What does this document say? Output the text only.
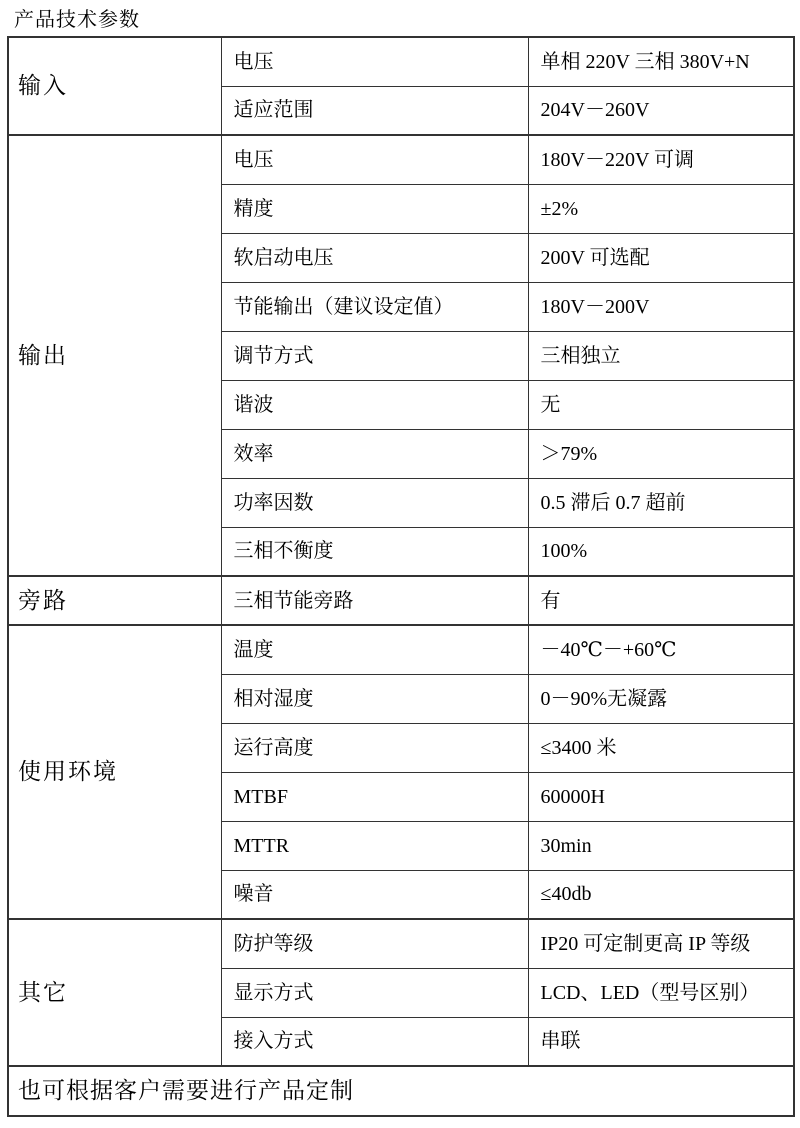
产品技术参数
输入	电压	单相 220V 三相 380V+N
	适应范围	204V－260V
输出	电压	180V－220V 可调
	精度	±2%
	软启动电压	200V 可选配
	节能输出（建议设定值）	180V－200V
	调节方式	三相独立
	谐波	无
	效率	＞79%
	功率因数	0.5 滞后 0.7 超前
	三相不衡度	100%
旁路	三相节能旁路	有
使用环境	温度	－40℃－+60℃
	相对湿度	0－90%无凝露
	运行高度	≤3400 米
	MTBF	60000H
	MTTR	30min
	噪音	≤40db
其它	防护等级	IP20 可定制更高 IP 等级
	显示方式	LCD、LED（型号区别）
	接入方式	串联
也可根据客户需要进行产品定制		
